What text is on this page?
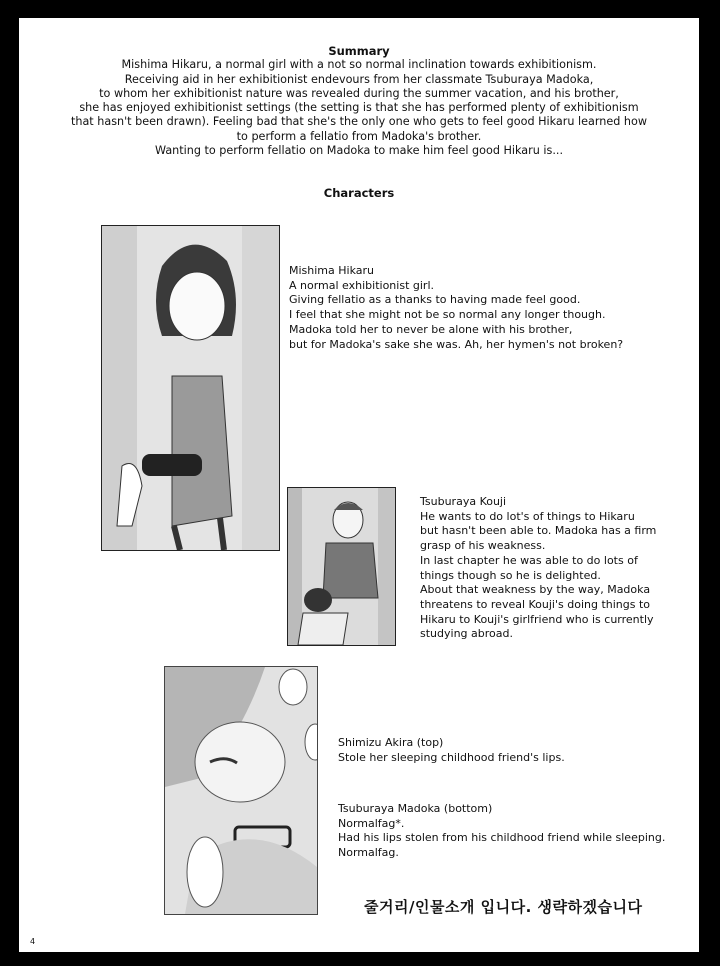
Summary
Mishima Hikaru, a normal girl with a not so normal inclination towards exhibitionism.
Receiving aid in her exhibitionist endevours from her classmate Tsuburaya Madoka,
to whom her exhibitionist nature was revealed during the summer vacation, and his brother,
she has enjoyed exhibitionist settings (the setting is that she has performed plenty of exhibitionism
that hasn't been drawn). Feeling bad that she's the only one who gets to feel good Hikaru learned how
to perform a fellatio from Madoka's brother.
Wanting to perform fellatio on Madoka to make him feel good Hikaru is...
Characters
Mishima Hikaru
A normal exhibitionist girl.
Giving fellatio as a thanks to having made feel good.
I feel that she might not be so normal any longer though.
Madoka told her to never be alone with his brother,
but for Madoka's sake she was. Ah, her hymen's not broken?
Tsuburaya Kouji
He wants to do lot's of things to Hikaru
but hasn't been able to. Madoka has a firm
grasp of his weakness.
In last chapter he was able to do lots of
things though so he is delighted.
About that weakness by the way, Madoka
threatens to reveal Kouji's doing things to
Hikaru to Kouji's girlfriend who is currently
studying abroad.
Shimizu Akira (top)
Stole her sleeping childhood friend's lips.
Tsuburaya Madoka (bottom)
Normalfag*.
Had his lips stolen from his childhood friend while sleeping.
Normalfag.
줄거리/인물소개 입니다. 생략하겠습니다
4
